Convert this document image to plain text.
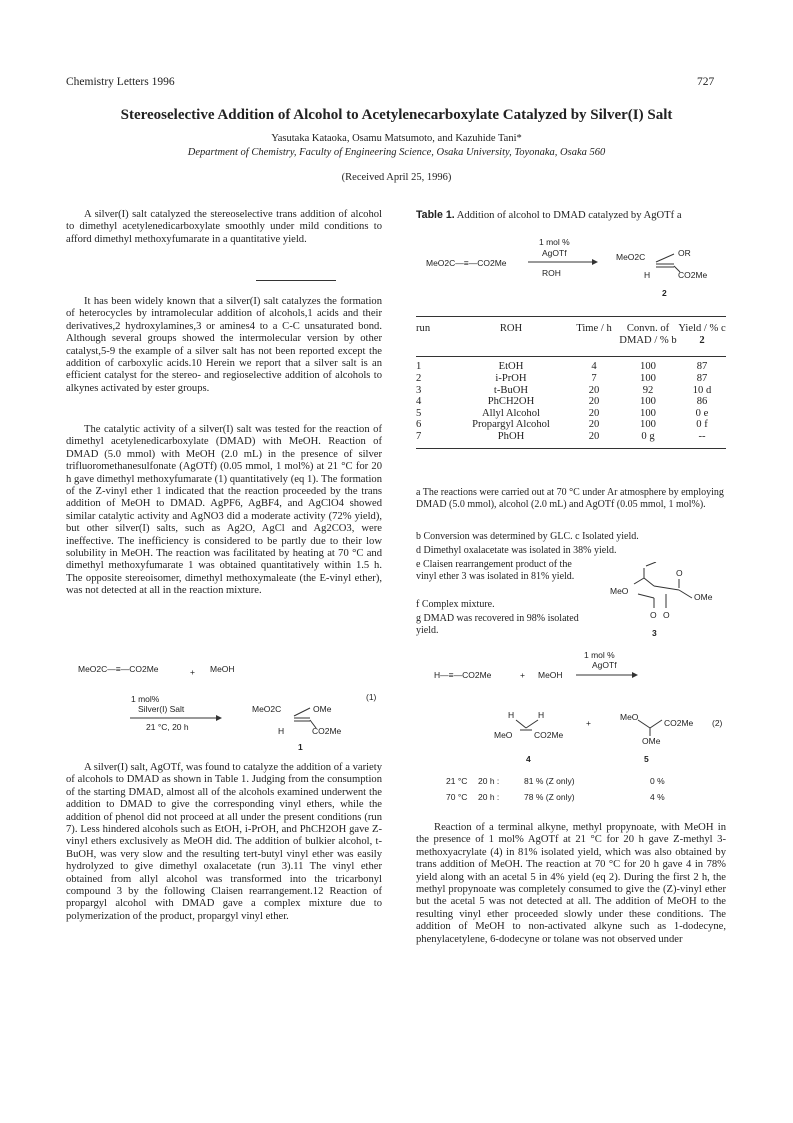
Chemistry Letters 1996	727
Stereoselective Addition of Alcohol to Acetylenecarboxylate Catalyzed by Silver(I) Salt
Yasutaka Kataoka, Osamu Matsumoto, and Kazuhide Tani*
Department of Chemistry, Faculty of Engineering Science, Osaka University, Toyonaka, Osaka 560
(Received April 25, 1996)

A silver(I) salt catalyzed the stereoselective trans addition of alcohol to dimethyl acetylenedicarboxylate smoothly under mild conditions to afford dimethyl methoxyfumarate in a quantitative yield.

It has been widely known that a silver(I) salt catalyzes the formation of heterocycles by intramolecular addition of alcohols,1 acids and their derivatives,2 hydroxylamines,3 or amines4 to a C-C unsaturated bond. Although several groups showed the intermolecular version by other catalyst,5-9 the example of a silver salt has not been reported except the addition of carboxylic acids.10 Herein we report that a silver salt is an efficient catalyst for the stereo- and regioselective addition of alcohols to alkynes activated by ester groups.

The catalytic activity of a silver(I) salt was tested for the reaction of dimethyl acetylenedicarboxylate (DMAD) with MeOH. Reaction of DMAD (5.0 mmol) with MeOH (2.0 mL) in the presence of silver trifluoromethanesulfonate (AgOTf) (0.05 mmol, 1 mol%) at 21 °C for 20 h gave dimethyl methoxyfumarate (1) quantitatively (eq 1). The formation of the Z-vinyl ether 1 indicated that the reaction proceeded by the trans addition of MeOH to DMAD. AgPF6, AgBF4, and AgClO4 showed similar catalytic activity and AgNO3 did a moderate activity (72% yield), but other silver(I) salts, such as Ag2O, AgCl and Ag2CO3, were ineffective. The inefficiency is considered to be partly due to their low solubility in MeOH. The reaction was facilitated by heating at 70 °C and dimethyl methoxyfumarate 1 was obtained quantitatively within 1.5 h. The opposite stereoisomer, dimethyl methoxymaleate (the E-vinyl ether), was not detected at all in the reaction mixture.

MeO2C—≡—CO2Me	+ MeOH
1 mol%
Silver(I) Salt
21 °C, 20 h
MeO2C	OMe
H	CO2Me
(1)
1

A silver(I) salt, AgOTf, was found to catalyze the addition of a variety of alcohols to DMAD as shown in Table 1. Judging from the consumption of the starting DMAD, almost all of the alcohols examined underwent the addition to DMAD to give the corresponding vinyl ethers, while the addition of phenol did not proceed at all under the present conditions (run 7). Less hindered alcohols such as EtOH, i-PrOH, and PhCH2OH gave Z-vinyl ethers exclusively as MeOH did. The addition of bulkier alcohol, t-BuOH, was very slow and the resulting tert-butyl vinyl ether was easily hydrolyzed to give dimethyl oxalacetate (run 3).11 The vinyl ether obtained from allyl alcohol was transformed into the tricarbonyl compound 3 by the following Claisen rearrangement.12 Reaction of propargyl alcohol with DMAD gave a complex mixture due to polymerization of the product, propargyl vinyl ether.

Table 1. Addition of alcohol to DMAD catalyzed by AgOTf a
MeO2C—≡—CO2Me
1 mol %
AgOTf
ROH
MeO2C	OR
H	CO2Me
2
run	ROH	Time / h	Convn. of	Yield / % c
			DMAD / % b	2

1	EtOH	4	100	87
2	i-PrOH	7	100	87
3	t-BuOH	20	92	10 d
4	PhCH2OH	20	100	86
5	Allyl Alcohol	20	100	0 e
6	Propargyl Alcohol	20	100	0 f
7	PhOH	20	0 g	--

a The reactions were carried out at 70 °C under Ar atmosphere by employing DMAD (5.0 mmol), alcohol (2.0 mL) and AgOTf (0.05 mmol, 1 mol%).
b Conversion was determined by GLC. c Isolated yield.
d Dimethyl oxalacetate was isolated in 38% yield.
e Claisen rearrangement product of the vinyl ether 3 was isolated in 81% yield.
f Complex mixture.
g DMAD was recovered in 98% isolated yield.
MeO
O
OMe
O O
3
1 mol %
AgOTf
H—≡—CO2Me	+ MeOH
H	H
MeO	CO2Me
+
MeO
CO2Me
OMe
(2)
4	5
21 °C 20 h :	81 % (Z only)	0 %
70 °C 20 h :	78 % (Z only)	4 %

Reaction of a terminal alkyne, methyl propynoate, with MeOH in the presence of 1 mol% AgOTf at 21 °C for 20 h gave Z-methyl 3-methoxyacrylate (4) in 81% isolated yield, which was also obtained by trans addition of MeOH. The reaction at 70 °C for 20 h gave 4 in 78% yield along with an acetal 5 in 4% yield (eq 2). During the first 2 h, the methyl propynoate was completely consumed to give the (Z)-vinyl ether but the acetal 5 was not detected at all. The addition of MeOH to the resulting vinyl ether proceeded slowly under these conditions. The addition of MeOH to non-activated alkyne such as 1-dodecyne, phenylacetylene, 6-dodecyne or tolane was not observed under
